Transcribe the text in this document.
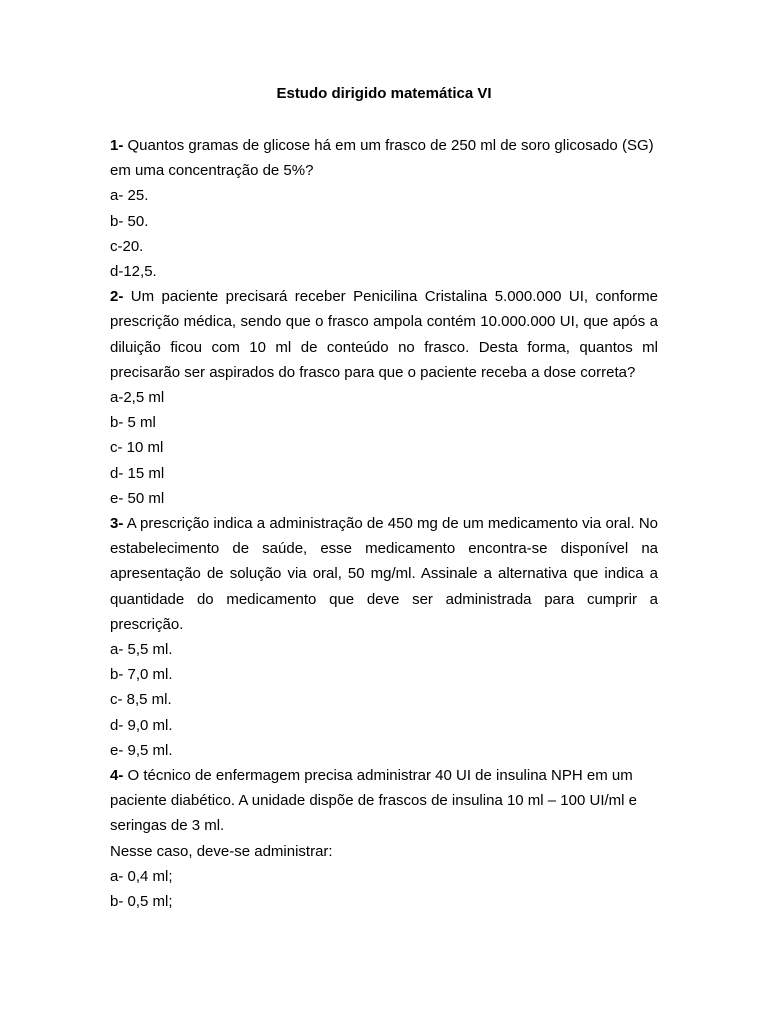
Estudo dirigido matemática VI

1- Quantos gramas de glicose há em um frasco de 250 ml de soro glicosado (SG) em uma concentração de 5%?

a- 25.

b- 50.

c-20.

d-12,5.

2- Um paciente precisará receber Penicilina Cristalina 5.000.000 UI, conforme prescrição médica, sendo que o frasco ampola contém 10.000.000 UI, que após a diluição ficou com 10 ml de conteúdo no frasco. Desta forma, quantos ml precisarão ser aspirados do frasco para que o paciente receba a dose correta?

a-2,5 ml

b- 5 ml

c- 10 ml

d- 15 ml

e- 50 ml

3- A prescrição indica a administração de 450 mg de um medicamento via oral. No estabelecimento de saúde, esse medicamento encontra-se disponível na apresentação de solução via oral, 50 mg/ml. Assinale a alternativa que indica a quantidade do medicamento que deve ser administrada para cumprir a prescrição.

a- 5,5 ml.

b- 7,0 ml.

c- 8,5 ml.

d- 9,0 ml.

e- 9,5 ml.

4- O técnico de enfermagem precisa administrar 40 UI de insulina NPH em um paciente diabético. A unidade dispõe de frascos de insulina 10 ml – 100 UI/ml e seringas de 3 ml.

Nesse caso, deve-se administrar:

a- 0,4 ml;

b- 0,5 ml;
